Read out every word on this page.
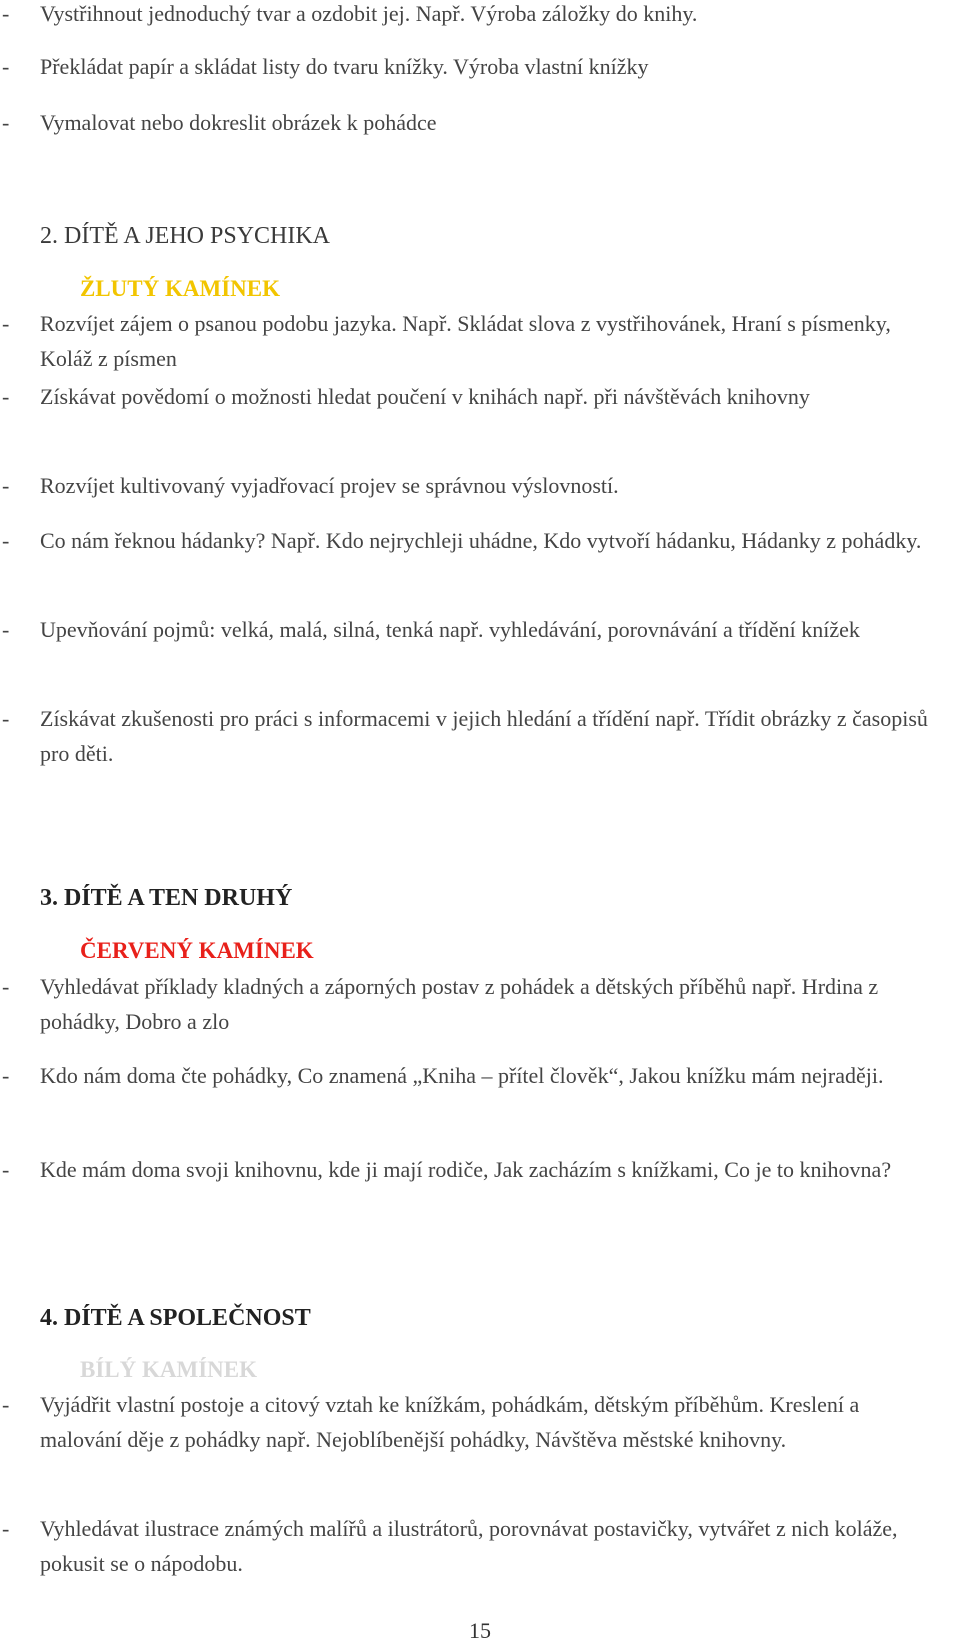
- Vystřihnout jednoduchý tvar a ozdobit jej. Např. Výroba záložky do knihy.
- Překládat papír a skládat listy do tvaru knížky. Výroba vlastní knížky
- Vymalovat nebo dokreslit obrázek k pohádce
2. DÍTĚ A JEHO PSYCHIKA
ŽLUTÝ KAMÍNEK
- Rozvíjet zájem o psanou podobu jazyka. Např. Skládat slova z vystřihovánek, Hraní s písmenky, Koláž z písmen
- Získávat povědomí o možnosti hledat poučení v knihách např. při návštěvách knihovny
- Rozvíjet kultivovaný vyjadřovací projev se správnou výslovností.
- Co nám řeknou hádanky? Např. Kdo nejrychleji uhádne, Kdo vytvoří hádanku, Hádanky z pohádky.
- Upevňování pojmů: velká, malá, silná, tenká např. vyhledávání, porovnávání a třídění knížek
- Získávat zkušenosti pro práci s informacemi v jejich hledání a třídění např. Třídit obrázky z časopisů pro děti.
3. DÍTĚ A TEN DRUHÝ
ČERVENÝ KAMÍNEK
- Vyhledávat příklady kladných a záporných postav z pohádek a dětských příběhů např. Hrdina z pohádky, Dobro a zlo
- Kdo nám doma čte pohádky, Co znamená „Kniha – přítel člověk“, Jakou knížku mám nejraději.
- Kde mám doma svoji knihovnu, kde ji mají rodiče, Jak zacházím s knížkami, Co je to knihovna?
4. DÍTĚ A SPOLEČNOST
BÍLÝ KAMÍNEK
- Vyjádřit vlastní postoje a citový vztah ke knížkám, pohádkám, dětským příběhům. Kreslení a malování děje z pohádky např. Nejoblíbenější pohádky, Návštěva městské knihovny.
- Vyhledávat ilustrace známých malířů a ilustrátorů, porovnávat postavičky, vytvářet z nich koláže, pokusit se o nápodobu.
15
